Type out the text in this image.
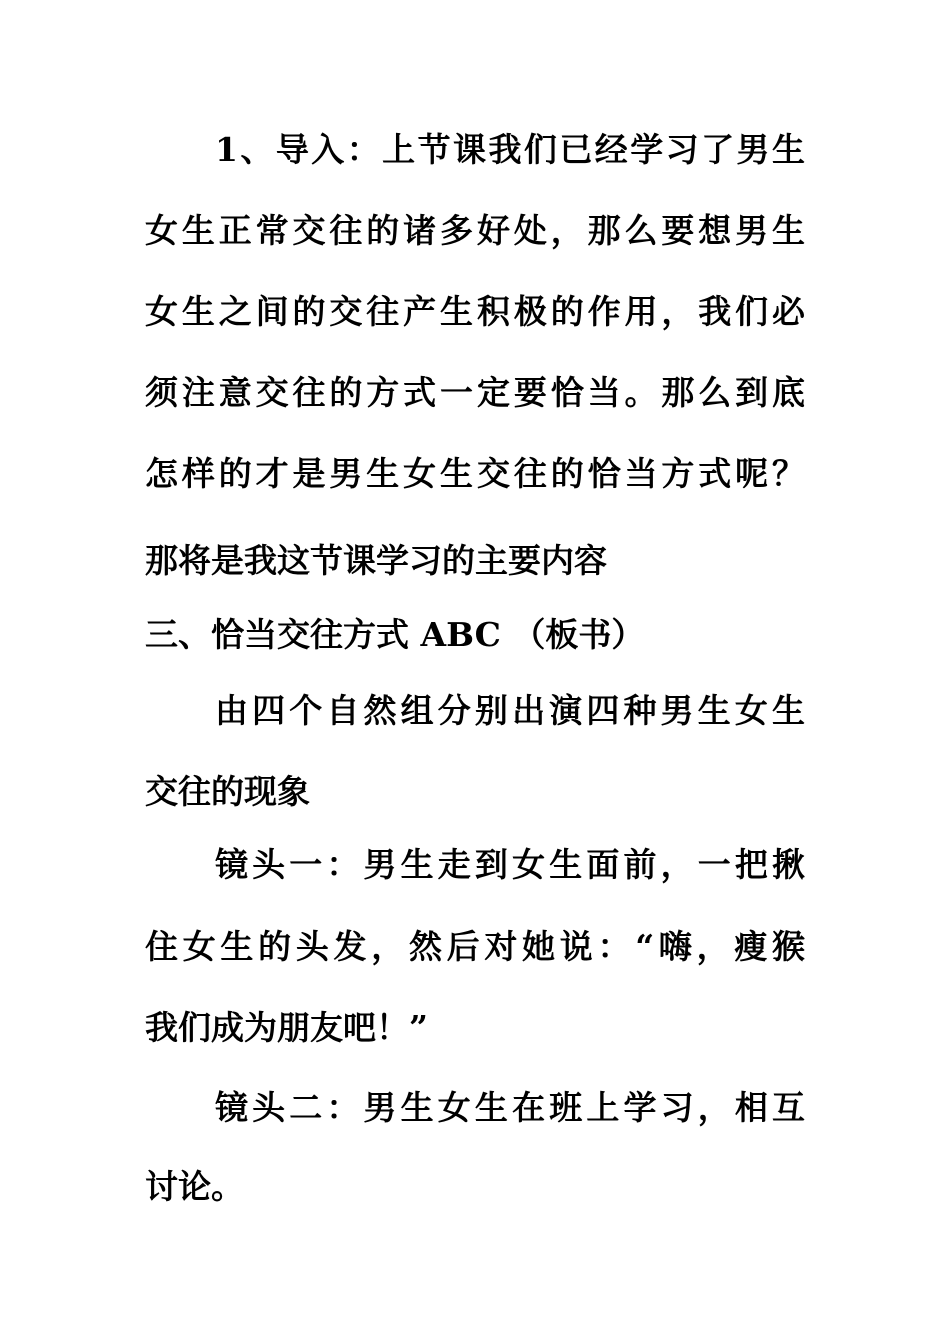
1、导入：上节课我们已经学习了男生
女生正常交往的诸多好处，那么要想男生
女生之间的交往产生积极的作用，我们必
须注意交往的方式一定要恰当。那么到底
怎样的才是男生女生交往的恰当方式呢？
那将是我这节课学习的主要内容
三、恰当交往方式 ABC （板书）
由四个自然组分别出演四种男生女生
交往的现象
镜头一：男生走到女生面前，一把揪
住女生的头发，然后对她说：“嗨，瘦猴
我们成为朋友吧！”
镜头二：男生女生在班上学习，相互
讨论。
